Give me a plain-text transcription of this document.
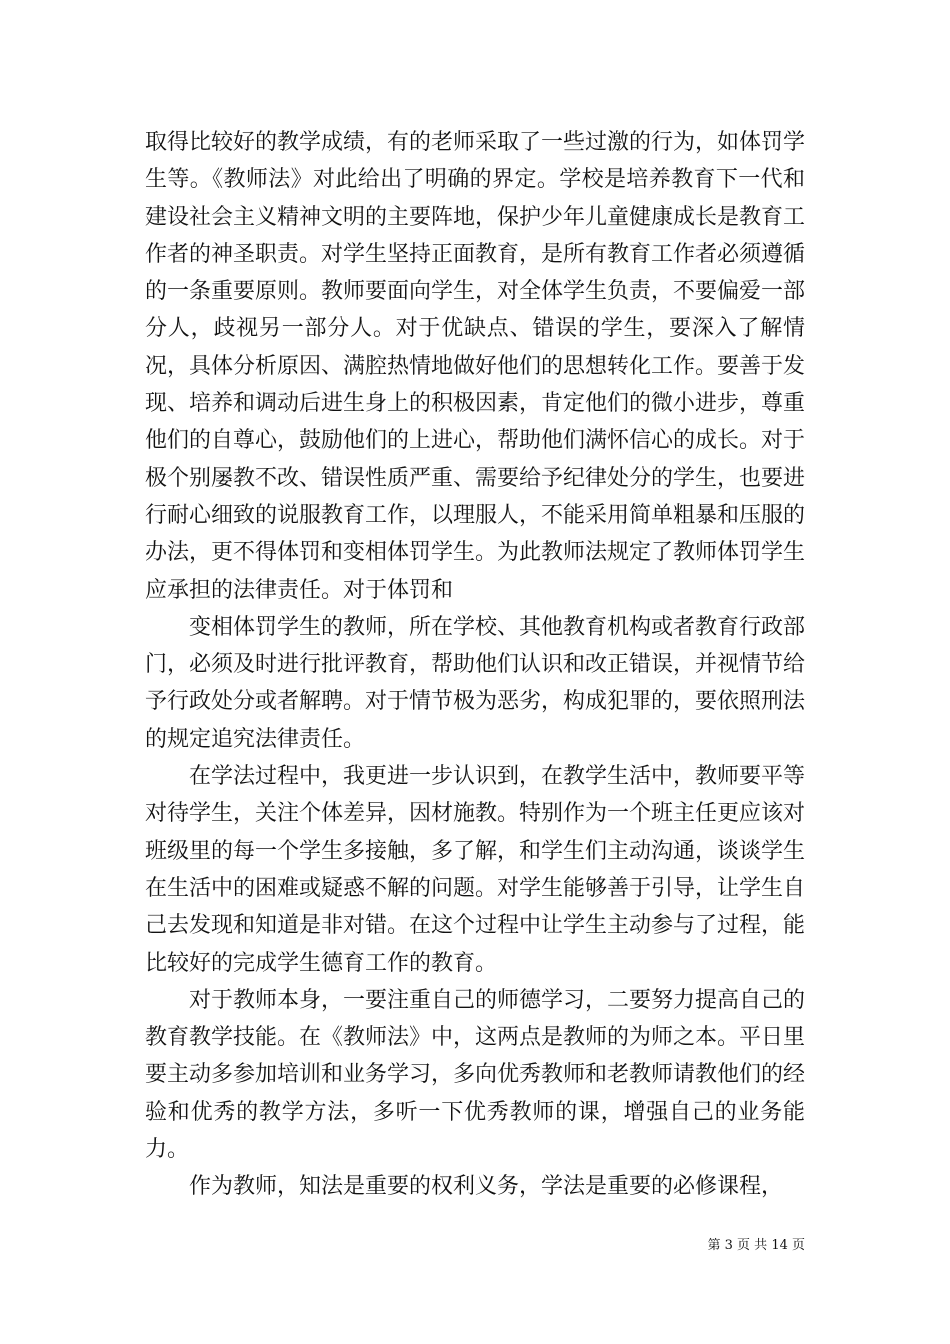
取得比较好的教学成绩，有的老师采取了一些过激的行为，如体罚学生等。《教师法》对此给出了明确的界定。学校是培养教育下一代和建设社会主义精神文明的主要阵地，保护少年儿童健康成长是教育工作者的神圣职责。对学生坚持正面教育，是所有教育工作者必须遵循的一条重要原则。教师要面向学生，对全体学生负责，不要偏爱一部分人，歧视另一部分人。对于优缺点、错误的学生，要深入了解情况，具体分析原因、满腔热情地做好他们的思想转化工作。要善于发现、培养和调动后进生身上的积极因素，肯定他们的微小进步，尊重他们的自尊心，鼓励他们的上进心，帮助他们满怀信心的成长。对于极个别屡教不改、错误性质严重、需要给予纪律处分的学生，也要进行耐心细致的说服教育工作，以理服人，不能采用简单粗暴和压服的办法，更不得体罚和变相体罚学生。为此教师法规定了教师体罚学生应承担的法律责任。对于体罚和

变相体罚学生的教师，所在学校、其他教育机构或者教育行政部门，必须及时进行批评教育，帮助他们认识和改正错误，并视情节给予行政处分或者解聘。对于情节极为恶劣，构成犯罪的，要依照刑法的规定追究法律责任。

在学法过程中，我更进一步认识到，在教学生活中，教师要平等对待学生，关注个体差异，因材施教。特别作为一个班主任更应该对班级里的每一个学生多接触，多了解，和学生们主动沟通，谈谈学生在生活中的困难或疑惑不解的问题。对学生能够善于引导，让学生自己去发现和知道是非对错。在这个过程中让学生主动参与了过程，能比较好的完成学生德育工作的教育。

对于教师本身，一要注重自己的师德学习，二要努力提高自己的教育教学技能。在《教师法》中，这两点是教师的为师之本。平日里要主动多参加培训和业务学习，多向优秀教师和老教师请教他们的经验和优秀的教学方法，多听一下优秀教师的课，增强自己的业务能力。

作为教师，知法是重要的权利义务，学法是重要的必修课程，

第 3 页 共 14 页
